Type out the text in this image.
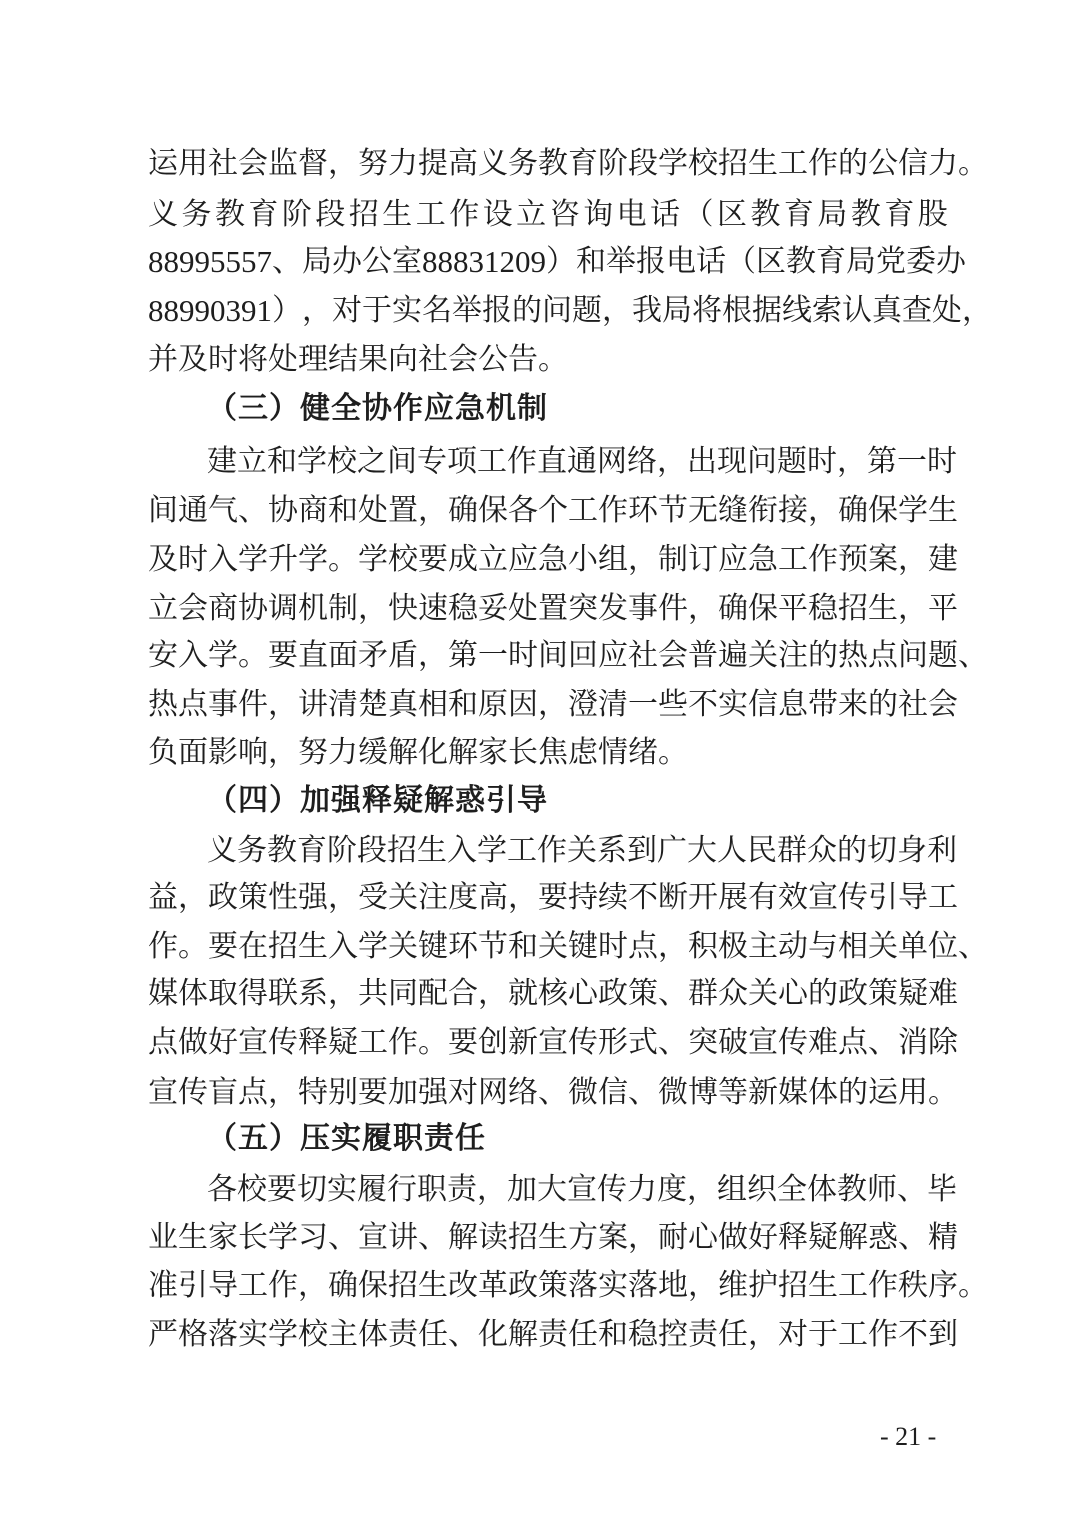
运 用 社 会 监 督 ， 努 力 提 高 义 务 教 育 阶 段 学 校 招 生 工 作 的 公 信 力 。
义 务 教 育 阶 段 招 生 工 作 设 立 咨 询 电 话 （ 区 教 育 局 教 育 股
88995557 、 局 办 公 室 88831209 ） 和 举 报 电 话 （ 区 教 育 局 党 委 办
88990391 ） ， 对 于 实 名 举 报 的 问 题 ， 我 局 将 根 据 线 索 认 真 查 处 ，
并及时将处理结果向社会公告。
（三）健全协作应急机制
建 立 和 学 校 之 间 专 项 工 作 直 通 网 络 ， 出 现 问 题 时 ， 第 一 时
间 通 气 、 协 商 和 处 置 ， 确 保 各 个 工 作 环 节 无 缝 衔 接 ， 确 保 学 生
及 时 入 学 升 学 。 学 校 要 成 立 应 急 小 组 ， 制 订 应 急 工 作 预 案 ， 建
立 会 商 协 调 机 制 ， 快 速 稳 妥 处 置 突 发 事 件 ， 确 保 平 稳 招 生 ， 平
安 入 学 。 要 直 面 矛 盾 ， 第 一 时 间 回 应 社 会 普 遍 关 注 的 热 点 问 题 、
热 点 事 件 ， 讲 清 楚 真 相 和 原 因 ， 澄 清 一 些 不 实 信 息 带 来 的 社 会
负面影响，努力缓解化解家长焦虑情绪。
（四）加强释疑解惑引导
义 务 教 育 阶 段 招 生 入 学 工 作 关 系 到 广 大 人 民 群 众 的 切 身 利
益 ， 政 策 性 强 ， 受 关 注 度 高 ， 要 持 续 不 断 开 展 有 效 宣 传 引 导 工
作 。 要 在 招 生 入 学 关 键 环 节 和 关 键 时 点 ， 积 极 主 动 与 相 关 单 位 、
媒 体 取 得 联 系 ， 共 同 配 合 ， 就 核 心 政 策 、 群 众 关 心 的 政 策 疑 难
点 做 好 宣 传 释 疑 工 作 。 要 创 新 宣 传 形 式 、 突 破 宣 传 难 点 、 消 除
宣 传 盲 点 ， 特 别 要 加 强 对 网 络 、 微 信 、 微 博 等 新 媒 体 的 运 用 。
（五）压实履职责任
各 校 要 切 实 履 行 职 责 ， 加 大 宣 传 力 度 ， 组 织 全 体 教 师 、 毕
业 生 家 长 学 习 、 宣 讲 、 解 读 招 生 方 案 ， 耐 心 做 好 释 疑 解 惑 、 精
准 引 导 工 作 ， 确 保 招 生 改 革 政 策 落 实 落 地 ， 维 护 招 生 工 作 秩 序 。
严 格 落 实 学 校 主 体 责 任 、 化 解 责 任 和 稳 控 责 任 ， 对 于 工 作 不 到
- 21 -
